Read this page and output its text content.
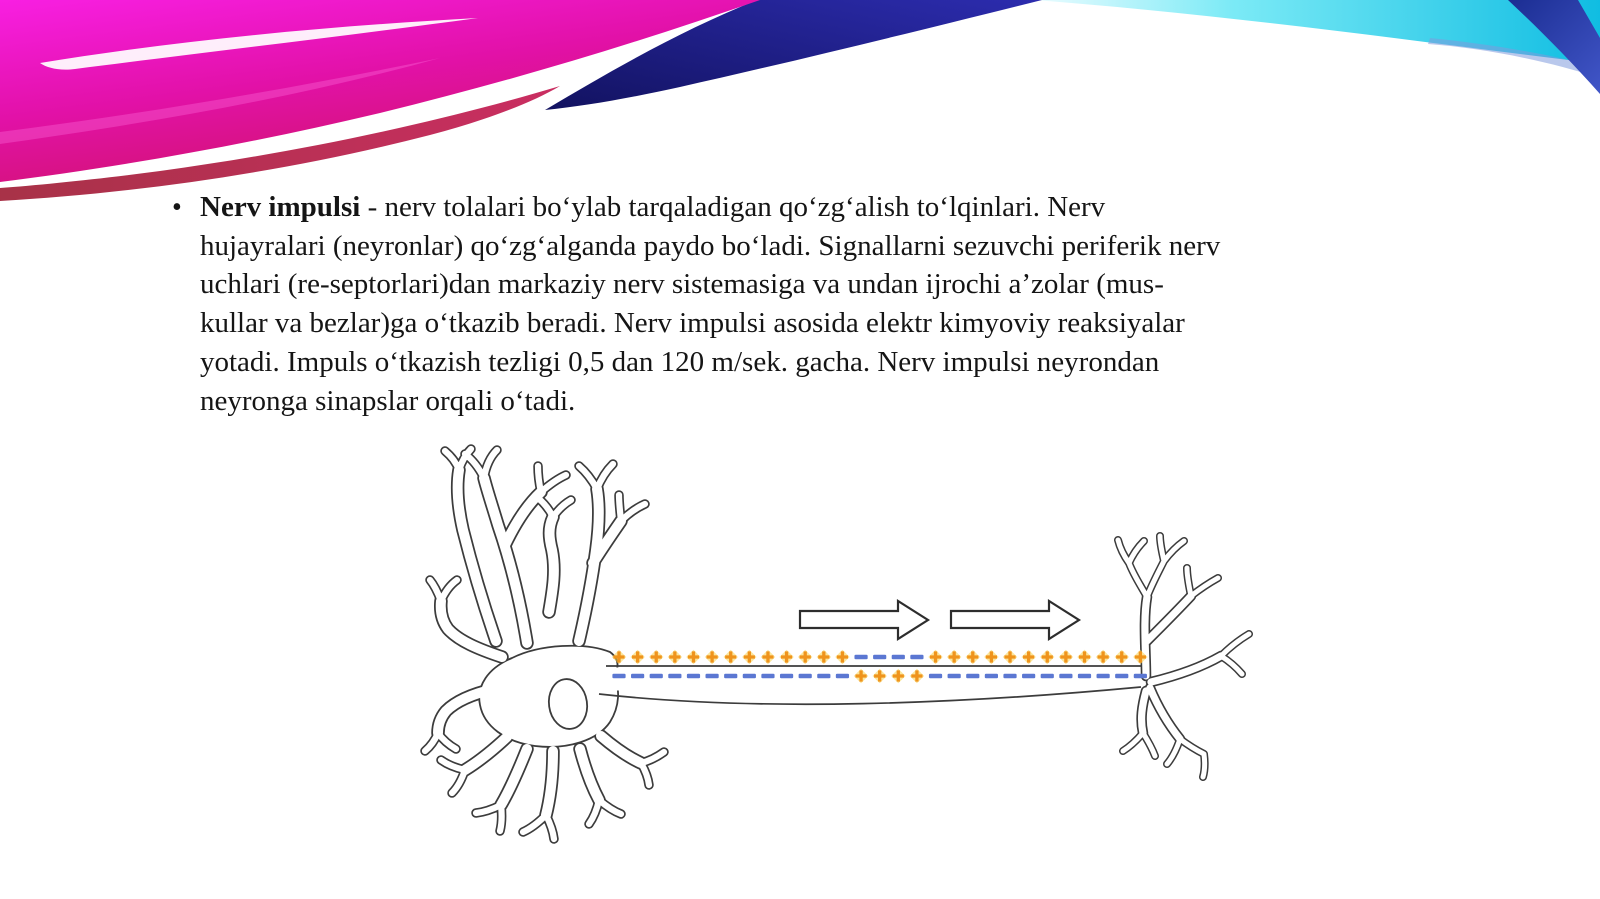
• Nerv impulsi - nerv tolalari bo‘ylab tarqaladigan qo‘zg‘alish to‘lqinlari. Nerv
hujayralari (neyronlar) qo‘zg‘alganda paydo bo‘ladi. Signallarni sezuvchi periferik nerv
uchlari (re-septorlari)dan markaziy nerv sistemasiga va undan ijrochi a’zolar (mus-
kullar va bezlar)ga o‘tkazib beradi. Nerv impulsi asosida elektr kimyoviy reaksiyalar
yotadi. Impuls o‘tkazish tezligi 0,5 dan 120 m/sek. gacha. Nerv impulsi neyrondan
neyronga sinapslar orqali o‘tadi.
